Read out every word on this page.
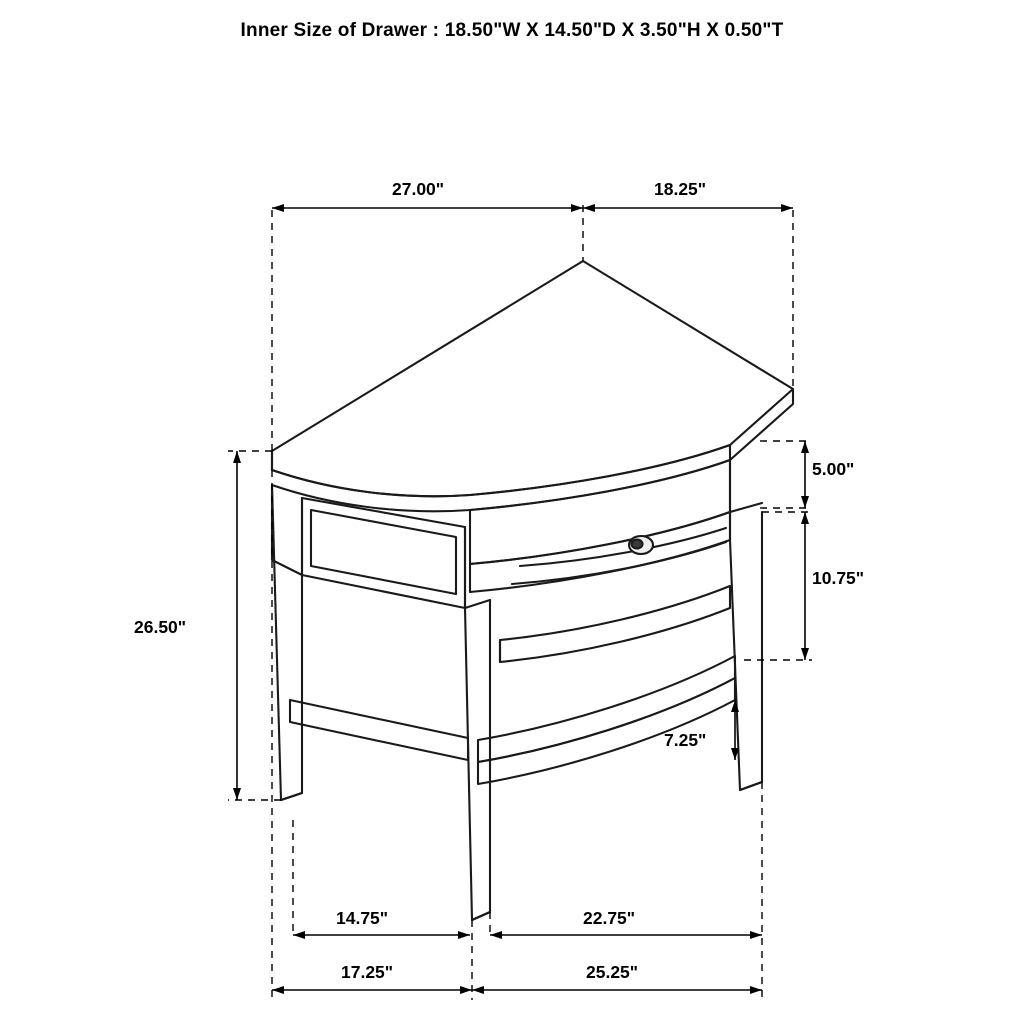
Inner Size of Drawer : 18.50"W X 14.50"D X 3.50"H X 0.50"T
27.00"	18.25"
5.00"
10.75"
7.25"
26.50"
14.75"	22.75"
17.25"	25.25"
